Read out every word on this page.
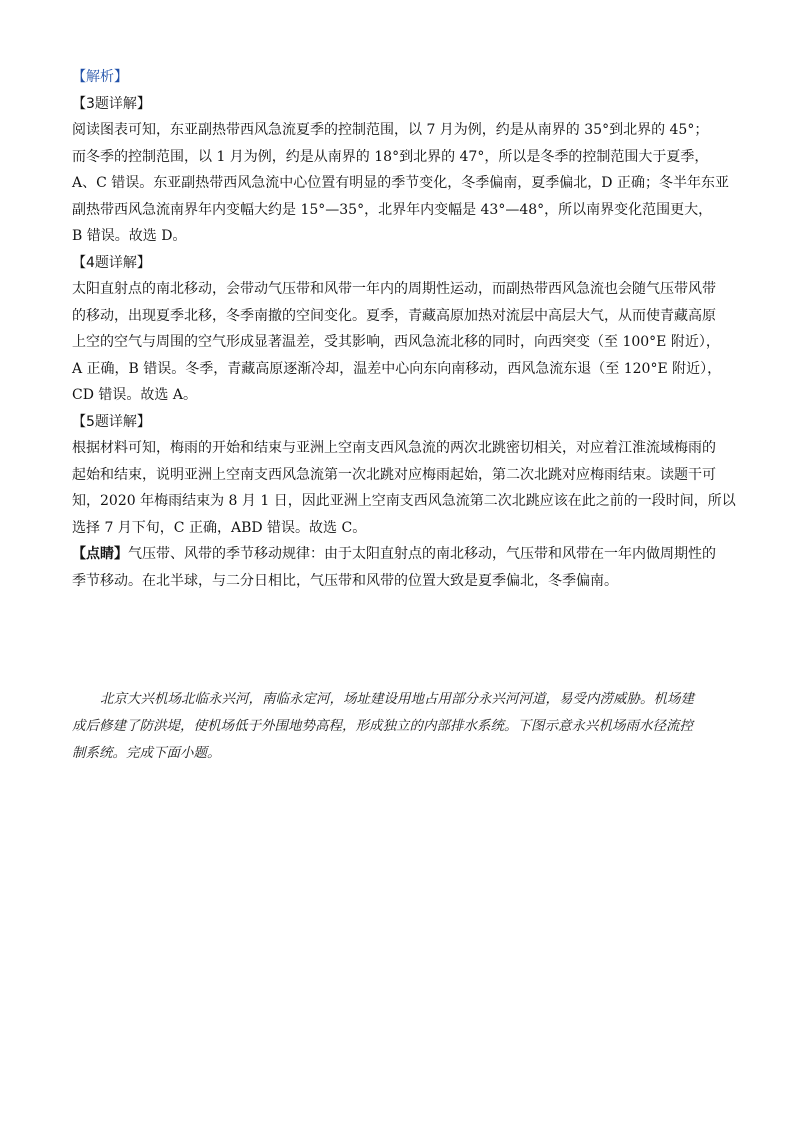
【解析】
【3题详解】
阅读图表可知，东亚副热带西风急流夏季的控制范围，以 7 月为例，约是从南界的 35°到北界的 45°；
而冬季的控制范围，以 1 月为例，约是从南界的 18°到北界的 47°，所以是冬季的控制范围大于夏季，
A、C 错误。东亚副热带西风急流中心位置有明显的季节变化，冬季偏南，夏季偏北，D 正确；冬半年东亚
副热带西风急流南界年内变幅大约是 15°—35°，北界年内变幅是 43°—48°，所以南界变化范围更大，
B 错误。故选 D。
【4题详解】
太阳直射点的南北移动，会带动气压带和风带一年内的周期性运动，而副热带西风急流也会随气压带风带
的移动，出现夏季北移，冬季南撤的空间变化。夏季，青藏高原加热对流层中高层大气，从而使青藏高原
上空的空气与周围的空气形成显著温差，受其影响，西风急流北移的同时，向西突变（至 100°E 附近），
A 正确，B 错误。冬季，青藏高原逐渐冷却，温差中心向东向南移动，西风急流东退（至 120°E 附近），
CD 错误。故选 A。
【5题详解】
根据材料可知，梅雨的开始和结束与亚洲上空南支西风急流的两次北跳密切相关，对应着江淮流域梅雨的
起始和结束，说明亚洲上空南支西风急流第一次北跳对应梅雨起始，第二次北跳对应梅雨结束。读题干可
知，2020 年梅雨结束为 8 月 1 日，因此亚洲上空南支西风急流第二次北跳应该在此之前的一段时间，所以
选择 7 月下旬，C 正确，ABD 错误。故选 C。
【点睛】气压带、风带的季节移动规律：由于太阳直射点的南北移动，气压带和风带在一年内做周期性的
季节移动。在北半球，与二分日相比，气压带和风带的位置大致是夏季偏北，冬季偏南。
北京大兴机场北临永兴河，南临永定河，场址建设用地占用部分永兴河河道，易受内涝威胁。机场建
成后修建了防洪堤，使机场低于外围地势高程，形成独立的内部排水系统。下图示意永兴机场雨水径流控
制系统。完成下面小题。
